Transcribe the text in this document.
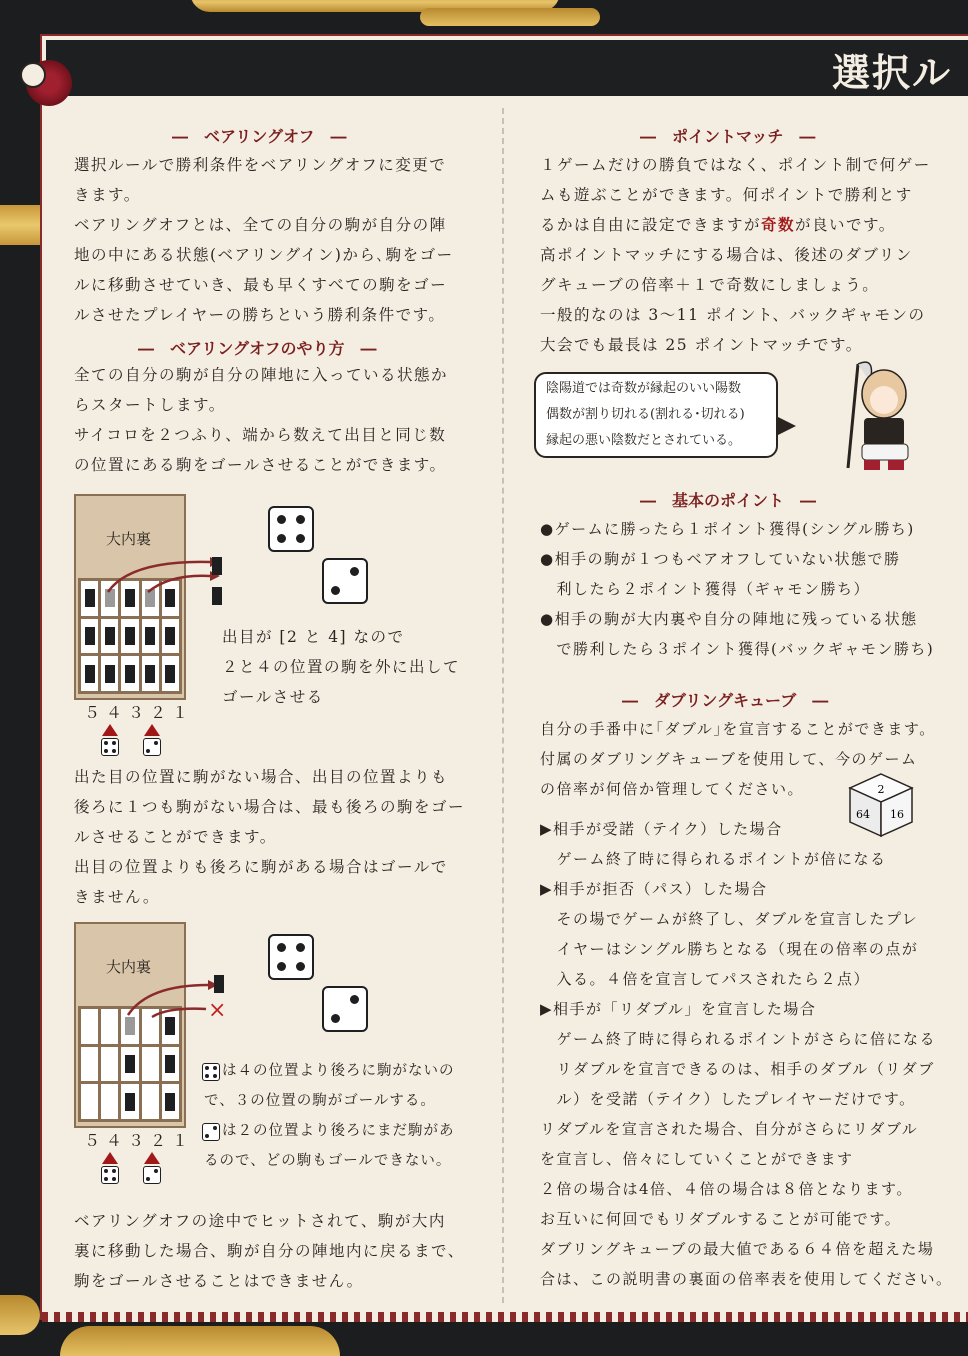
選択ル
―　ベアリングオフ　―
選択ルールで勝利条件をベアリングオフに変更で
きます。
ベアリングオフとは、全ての自分の駒が自分の陣
地の中にある状態(ベアリングイン)から､駒をゴー
ルに移動させていき、最も早くすべての駒をゴー
ルさせたプレイヤーの勝ちという勝利条件です。
―　ベアリングオフのやり方　―
全ての自分の駒が自分の陣地に入っている状態か
らスタートします。
サイコロを２つふり、端から数えて出目と同じ数
の位置にある駒をゴールさせることができます。
大内裏
５４３２１
出目が [2 と 4] なので
２と４の位置の駒を外に出して
ゴールさせる
出た目の位置に駒がない場合、出目の位置よりも
後ろに１つも駒がない場合は、最も後ろの駒をゴー
ルさせることができます。
出目の位置よりも後ろに駒がある場合はゴールで
きません。
大内裏
×
５４３２１
は４の位置より後ろに駒がないの
で、３の位置の駒がゴールする。
は２の位置より後ろにまだ駒があ
るので、どの駒もゴールできない。
ベアリングオフの途中でヒットされて、駒が大内
裏に移動した場合、駒が自分の陣地内に戻るまで、
駒をゴールさせることはできません。
―　ポイントマッチ　―
１ゲームだけの勝負ではなく、ポイント制で何ゲー
ムも遊ぶことができます。何ポイントで勝利とす
るかは自由に設定できますが奇数が良いです。
高ポイントマッチにする場合は、後述のダブリン
グキューブの倍率＋１で奇数にしましょう。
一般的なのは 3〜11 ポイント、バックギャモンの
大会でも最長は 25 ポイントマッチです。
陰陽道では奇数が縁起のいい陽数
偶数が割り切れる(割れる･切れる)
縁起の悪い陰数だとされている。
―　基本のポイント　―
●ゲームに勝ったら１ポイント獲得(シングル勝ち)
●相手の駒が１つもベアオフしていない状態で勝
　利したら２ポイント獲得（ギャモン勝ち）
●相手の駒が大内裏や自分の陣地に残っている状態
　で勝利したら３ポイント獲得(バックギャモン勝ち)
―　ダブリングキューブ　―
自分の手番中に｢ダブル｣を宣言することができます。
付属のダブリングキューブを使用して、今のゲーム
の倍率が何倍か管理してください。	2
64 16
▶相手が受諾（テイク）した場合
　ゲーム終了時に得られるポイントが倍になる
▶相手が拒否（パス）した場合
　その場でゲームが終了し、ダブルを宣言したプレ
　イヤーはシングル勝ちとなる（現在の倍率の点が
　入る。４倍を宣言してパスされたら２点）
▶相手が「リダブル」を宣言した場合
　ゲーム終了時に得られるポイントがさらに倍になる
　リダブルを宣言できるのは、相手のダブル（リダブ
　ル）を受諾（テイク）したプレイヤーだけです。
リダブルを宣言された場合、自分がさらにリダブル
を宣言し、倍々にしていくことができます
２倍の場合は4倍、４倍の場合は８倍となります。
お互いに何回でもリダブルすることが可能です。
ダブリングキューブの最大値である６４倍を超えた場
合は、この説明書の裏面の倍率表を使用してください。
